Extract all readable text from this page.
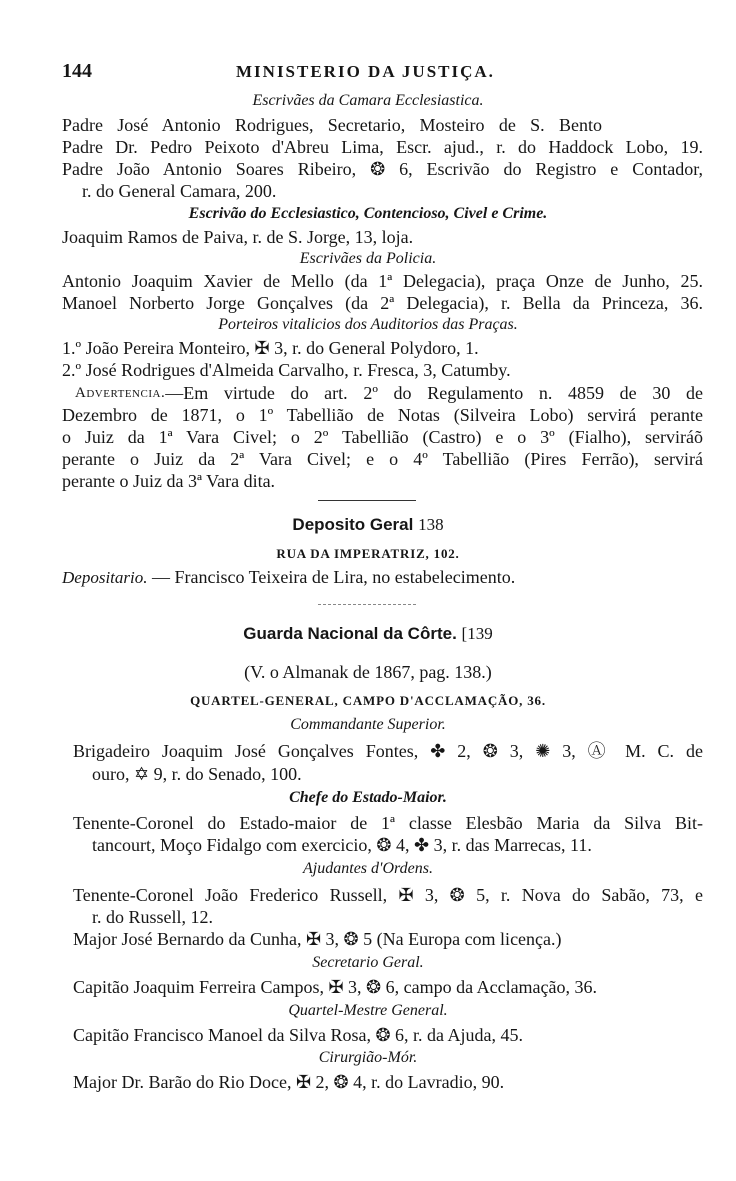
144	MINISTERIO DA JUSTIÇA.
Escrivães da Camara Ecclesiastica.
Padre José Antonio Rodrigues, Secretario, Mosteiro de S. Bento
Padre Dr. Pedro Peixoto d'Abreu Lima, Escr. ajud., r. do Haddock Lobo, 19.
Padre João Antonio Soares Ribeiro, ❂ 6, Escrivão do Registro e Contador,
r. do General Camara, 200.
Escrivão do Ecclesiastico, Contencioso, Civel e Crime.
Joaquim Ramos de Paiva, r. de S. Jorge, 13, loja.
Escrivães da Policia.
Antonio Joaquim Xavier de Mello (da 1ª Delegacia), praça Onze de Junho, 25.
Manoel Norberto Jorge Gonçalves (da 2ª Delegacia), r. Bella da Princeza, 36.
Porteiros vitalicios dos Auditorios das Praças.
1.º João Pereira Monteiro, ✠ 3, r. do General Polydoro, 1.
2.º José Rodrigues d'Almeida Carvalho, r. Fresca, 3, Catumby.
Advertencia. —Em virtude do art. 2º do Regulamento n. 4859 de 30 de
Dezembro de 1871, o 1º Tabellião de Notas (Silveira Lobo) servirá perante
o Juiz da 1ª Vara Civel; o 2º Tabellião (Castro) e o 3º (Fialho), serviráõ
perante o Juiz da 2ª Vara Civel; e o 4º Tabellião (Pires Ferrão), servirá
perante o Juiz da 3ª Vara dita.
Deposito Geral 138
RUA DA IMPERATRIZ, 102.
Depositario. — Francisco Teixeira de Lira, no estabelecimento.
Guarda Nacional da Côrte. [139
(V. o Almanak de 1867, pag. 138.)
QUARTEL-GENERAL, CAMPO D'ACCLAMAÇÃO, 36.
Commandante Superior.
Brigadeiro Joaquim José Gonçalves Fontes, ✤ 2, ❂ 3, ✺ 3, Ⓐ M. C. de
ouro, ✡ 9, r. do Senado, 100.
Chefe do Estado-Maior.
Tenente-Coronel do Estado-maior de 1ª classe Elesbão Maria da Silva Bit-
tancourt, Moço Fidalgo com exercicio, ❂ 4, ✤ 3, r. das Marrecas, 11.
Ajudantes d'Ordens.
Tenente-Coronel João Frederico Russell, ✠ 3, ❂ 5, r. Nova do Sabão, 73, e
r. do Russell, 12.
Major José Bernardo da Cunha, ✠ 3, ❂ 5 (Na Europa com licença.)
Secretario Geral.
Capitão Joaquim Ferreira Campos, ✠ 3, ❂ 6, campo da Acclamação, 36.
Quartel-Mestre General.
Capitão Francisco Manoel da Silva Rosa, ❂ 6, r. da Ajuda, 45.
Cirurgião-Mór.
Major Dr. Barão do Rio Doce, ✠ 2, ❂ 4, r. do Lavradio, 90.
